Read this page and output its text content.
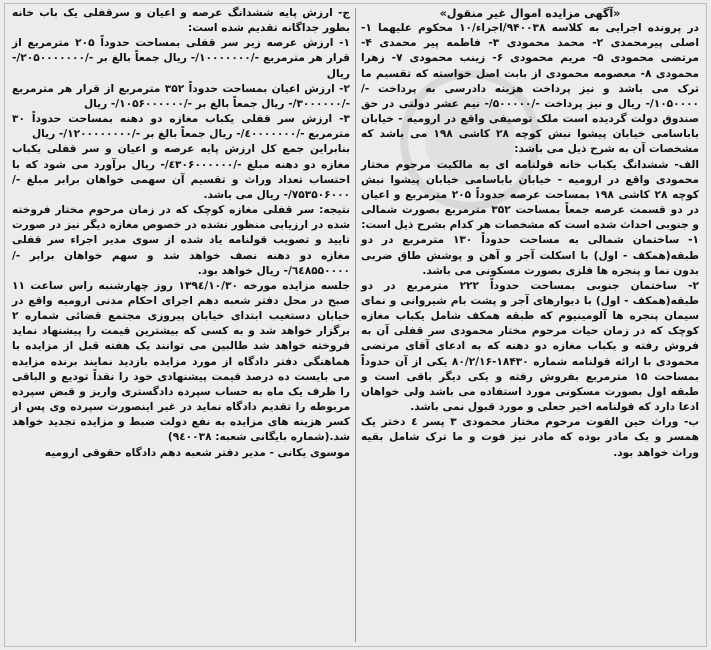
«آگهی مزایده اموال غیر منقول»
در پرونده اجرایی به کلاسه ۹۴۰۰۳۸/اجراء/۱۰ محکوم علیهما ۱- اصلی پیرمحمدی ۲- محمد محمودی ۳- فاطمه پیر محمدی ۴- مرتضی محمودی ۵- مریم محمودی ۶- زینب محمودی ۷- زهرا محمودی ۸- معصومه محمودی از بابت اصل خواسته که تقسیم ما ترک می باشد و نیز پرداخت هزینه دادرسی به پرداخت -/۱۰۵۰۰۰۰/- ریال و نیز پرداخت -/۵۰۰۰۰۰/- نیم عشر دولتی در حق صندوق دولت گردیده است ملک توصیفی واقع در ارومیه - خیابان باباسامی خیابان پیشوا نبش کوچه ۲۸ کاشی ۱۹۸ می باشد که مشخصات آن به شرح ذیل می باشد:
الف- ششدانگ یکباب خانه قولنامه ای به مالکیت مرحوم مختار محمودی واقع در ارومیه - خیابان باباسامی خیابان پیشوا نبش کوچه ۲۸ کاشی ۱۹۸ بمساحت عرصه حدوداً ۲۰۵ مترمربع و اعیان در دو قسمت عرصه جمعاً بمساحت ۳۵۲ مترمربع بصورت شمالی و جنوبی احداث شده است که مشخصات هر کدام بشرح ذیل است:
۱- ساختمان شمالی به مساحت حدوداً ۱۳۰ مترمربع در دو طبقه(همکف - اول) با اسکلت آجر و آهن و پوشش طاق ضربی بدون نما و پنجره ها فلزی بصورت مسکونی می باشد.
۲- ساختمان جنوبی بمساحت حدوداً ۲۲۲ مترمربع در دو طبقه(همکف - اول) با دیوارهای آجر و پشت بام شیروانی و نمای سیمان پنجره ها آلومینیوم که طبقه همکف شامل یکباب مغازه کوچک که در زمان حیات مرحوم مختار محمودی سر قفلی آن به فروش رفته و یکباب مغازه دو دهنه که به ادعای آقای مرتضی محمودی با ارائه قولنامه شماره ۱۸۴۳۰-۸۰/۲/۱۶ یکی از آن حدوداً بمساحت ۱۵ مترمربع بفروش رفته و یکی دیگر باقی است و طبقه اول بصورت مسکونی مورد استفاده می باشد ولی خواهان ادعا دارد که قولنامه اخیر جعلی و مورد قبول نمی باشد.
ب- وراث حین الفوت مرحوم مختار محمودی ۳ پسر ٤ دختر یک همسر و یک مادر بوده که مادر نیز فوت و ما ترک شامل بقیه وراث خواهد بود.
ج- ارزش پایه ششدانگ عرصه و اعیان و سرقفلی یک باب خانه بطور جداگانه تقدیم شده است:
۱- ارزش عرصه زیر سر قفلی بمساحت حدوداً ۲۰۵ مترمربع از قرار هر مترمربع -/۱۰۰۰۰۰۰۰/- ریال جمعاً بالغ بر -/۲۰۵۰۰۰۰۰۰۰/- ریال
۲- ارزش اعیان بمساحت حدوداً ۳۵۲ مترمربع از قرار هر مترمربع -/۳۰۰۰۰۰۰/- ریال جمعاً بالغ بر -/۱۰۵۶۰۰۰۰۰۰/- ریال
۳- ارزش سر قفلی یکباب مغازه دو دهنه بمساحت حدوداً ۳۰ مترمربع -/٤۰۰۰۰۰۰۰/- ریال جمعاً بالغ بر -/۱۲۰۰۰۰۰۰۰۰/- ریال
بنابراین جمع کل ارزش پایه عرصه و اعیان و سر قفلی یکباب مغازه دو دهنه مبلغ -/٤۳۰۶۰۰۰۰۰۰/- ریال برآورد می شود که با احتساب تعداد وراث و تقسیم آن سهمی خواهان برابر مبلغ -/۷۵۳۵۰۶۰۰۰/- ریال می باشد.
نتیجه: سر قفلی مغازه کوچک که در زمان مرحوم مختار فروخته شده در ارزیابی منظور نشده در خصوص مغازه دیگر نیز در صورت تایید و تصویب قولنامه یاد شده از سوی مدیر اجراء سر قفلی مغازه دو دهنه نصف خواهد شد و سهم خواهان برابر -/٦٤۸۵۵۰۰۰۰/- ریال خواهد بود.
جلسه مزایده مورخه ۱۳۹٤/۱۰/۳۰ روز چهارشنبه راس ساعت ۱۱ صبح در محل دفتر شعبه دهم اجرای احکام مدنی ارومیه واقع در خیابان دستغیب ابتدای خیابان پیروزی مجتمع قضائی شماره ۲ برگزار خواهد شد و به کسی که بیشترین قیمت را پیشنهاد نماید فروخته خواهد شد طالبین می توانند یک هفته قبل از مزایده با هماهنگی دفتر دادگاه از مورد مزایده بازدید نمایند برنده مزایده می بایست ده درصد قیمت پیشنهادی خود را نقداً تودیع و الباقی را ظرف یک ماه به حساب سپرده دادگستری واریز و قبض سپرده مربوطه را تقدیم دادگاه نماید در غیر اینصورت سپرده وی پس از کسر هزینه های مزایده به نفع دولت ضبط و مزایده تجدید خواهد شد.(شماره بایگانی شعبه: ۹٤۰۰۳۸)
موسوی یکانی - مدیر دفتر شعبه دهم دادگاه حقوقی ارومیه
